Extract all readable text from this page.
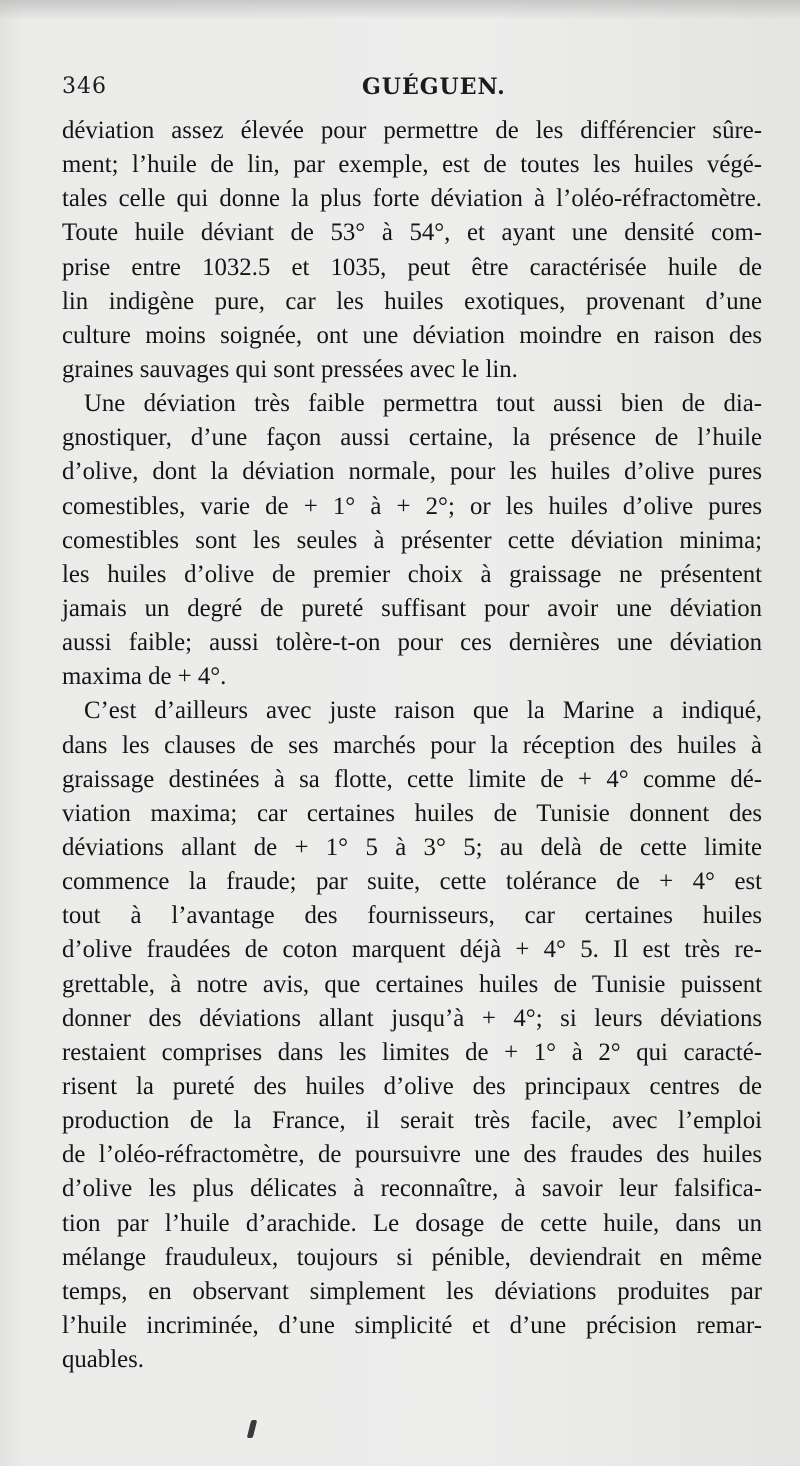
346	GUÉGUEN.
déviation assez élevée pour permettre de les différencier sûre-
ment; l’huile de lin, par exemple, est de toutes les huiles végé-
tales celle qui donne la plus forte déviation à l’oléo-réfractomètre.
Toute huile déviant de 53° à 54°, et ayant une densité com-
prise entre 1032.5 et 1035, peut être caractérisée huile de
lin indigène pure, car les huiles exotiques, provenant d’une
culture moins soignée, ont une déviation moindre en raison des
graines sauvages qui sont pressées avec le lin.
Une déviation très faible permettra tout aussi bien de dia-
gnostiquer, d’une façon aussi certaine, la présence de l’huile
d’olive, dont la déviation normale, pour les huiles d’olive pures
comestibles, varie de + 1° à + 2°; or les huiles d’olive pures
comestibles sont les seules à présenter cette déviation minima;
les huiles d’olive de premier choix à graissage ne présentent
jamais un degré de pureté suffisant pour avoir une déviation
aussi faible; aussi tolère-t-on pour ces dernières une déviation
maxima de + 4°.
C’est d’ailleurs avec juste raison que la Marine a indiqué,
dans les clauses de ses marchés pour la réception des huiles à
graissage destinées à sa flotte, cette limite de + 4° comme dé-
viation maxima; car certaines huiles de Tunisie donnent des
déviations allant de + 1° 5 à 3° 5; au delà de cette limite
commence la fraude; par suite, cette tolérance de + 4° est
tout à l’avantage des fournisseurs, car certaines huiles
d’olive fraudées de coton marquent déjà + 4° 5. Il est très re-
grettable, à notre avis, que certaines huiles de Tunisie puissent
donner des déviations allant jusqu’à + 4°; si leurs déviations
restaient comprises dans les limites de + 1° à 2° qui caracté-
risent la pureté des huiles d’olive des principaux centres de
production de la France, il serait très facile, avec l’emploi
de l’oléo-réfractomètre, de poursuivre une des fraudes des huiles
d’olive les plus délicates à reconnaître, à savoir leur falsifica-
tion par l’huile d’arachide. Le dosage de cette huile, dans un
mélange frauduleux, toujours si pénible, deviendrait en même
temps, en observant simplement les déviations produites par
l’huile incriminée, d’une simplicité et d’une précision remar-
quables.
